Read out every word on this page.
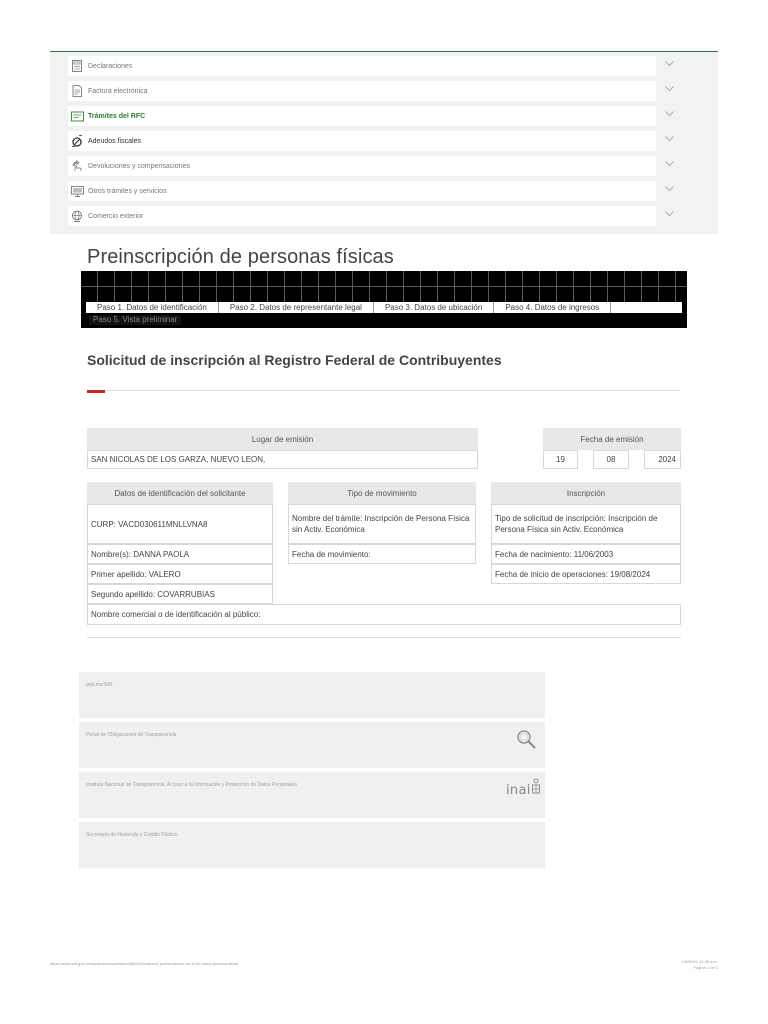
Declaraciones
Factura electrónica
Trámites del RFC
Adeudos fiscales
Devoluciones y compensaciones
Otros trámites y servicios
Comercio exterior
Preinscripción de personas físicas
Paso 1. Datos de identificación	Paso 2. Datos de representante legal	Paso 3. Datos de ubicación	Paso 4. Datos de ingresos
Paso 5. Vista preliminar
Solicitud de inscripción al Registro Federal de Contribuyentes
Lugar de emisión
SAN NICOLAS DE LOS GARZA, NUEVO LEON,
Fecha de emisión
19	08	2024
Datos de identificación del solicitante
CURP: VACD030611MNLLVNA8
Nombre(s): DANNA PAOLA
Primer apellido: VALERO
Segundo apellido: COVARRUBIAS
Tipo de movimiento
Nombre del trámite: Inscripción de Persona Física sin Activ. Económica
Fecha de movimiento:
Inscripción
Tipo de solicitud de inscripción: Inscripción de Persona Física sin Activ. Económica
Fecha de nacimiento: 11/06/2003
Fecha de inicio de operaciones: 19/08/2024
Nombre comercial o de identificación al público:
gob.mx/SAT
Portal de Obligaciones de Transparencia
Instituto Nacional de Transparencia, Acceso a la Información y Protección de Datos Personales	inai
Secretaría de Hacienda y Crédito Público
https://www.sat.gob.mx/aplicacion/operacion/66602/realiza-tu-preinscripcion-en-el-rfc-como-persona-fisica	19/08/24, 11:36 a.m.
Página 1 de 1
